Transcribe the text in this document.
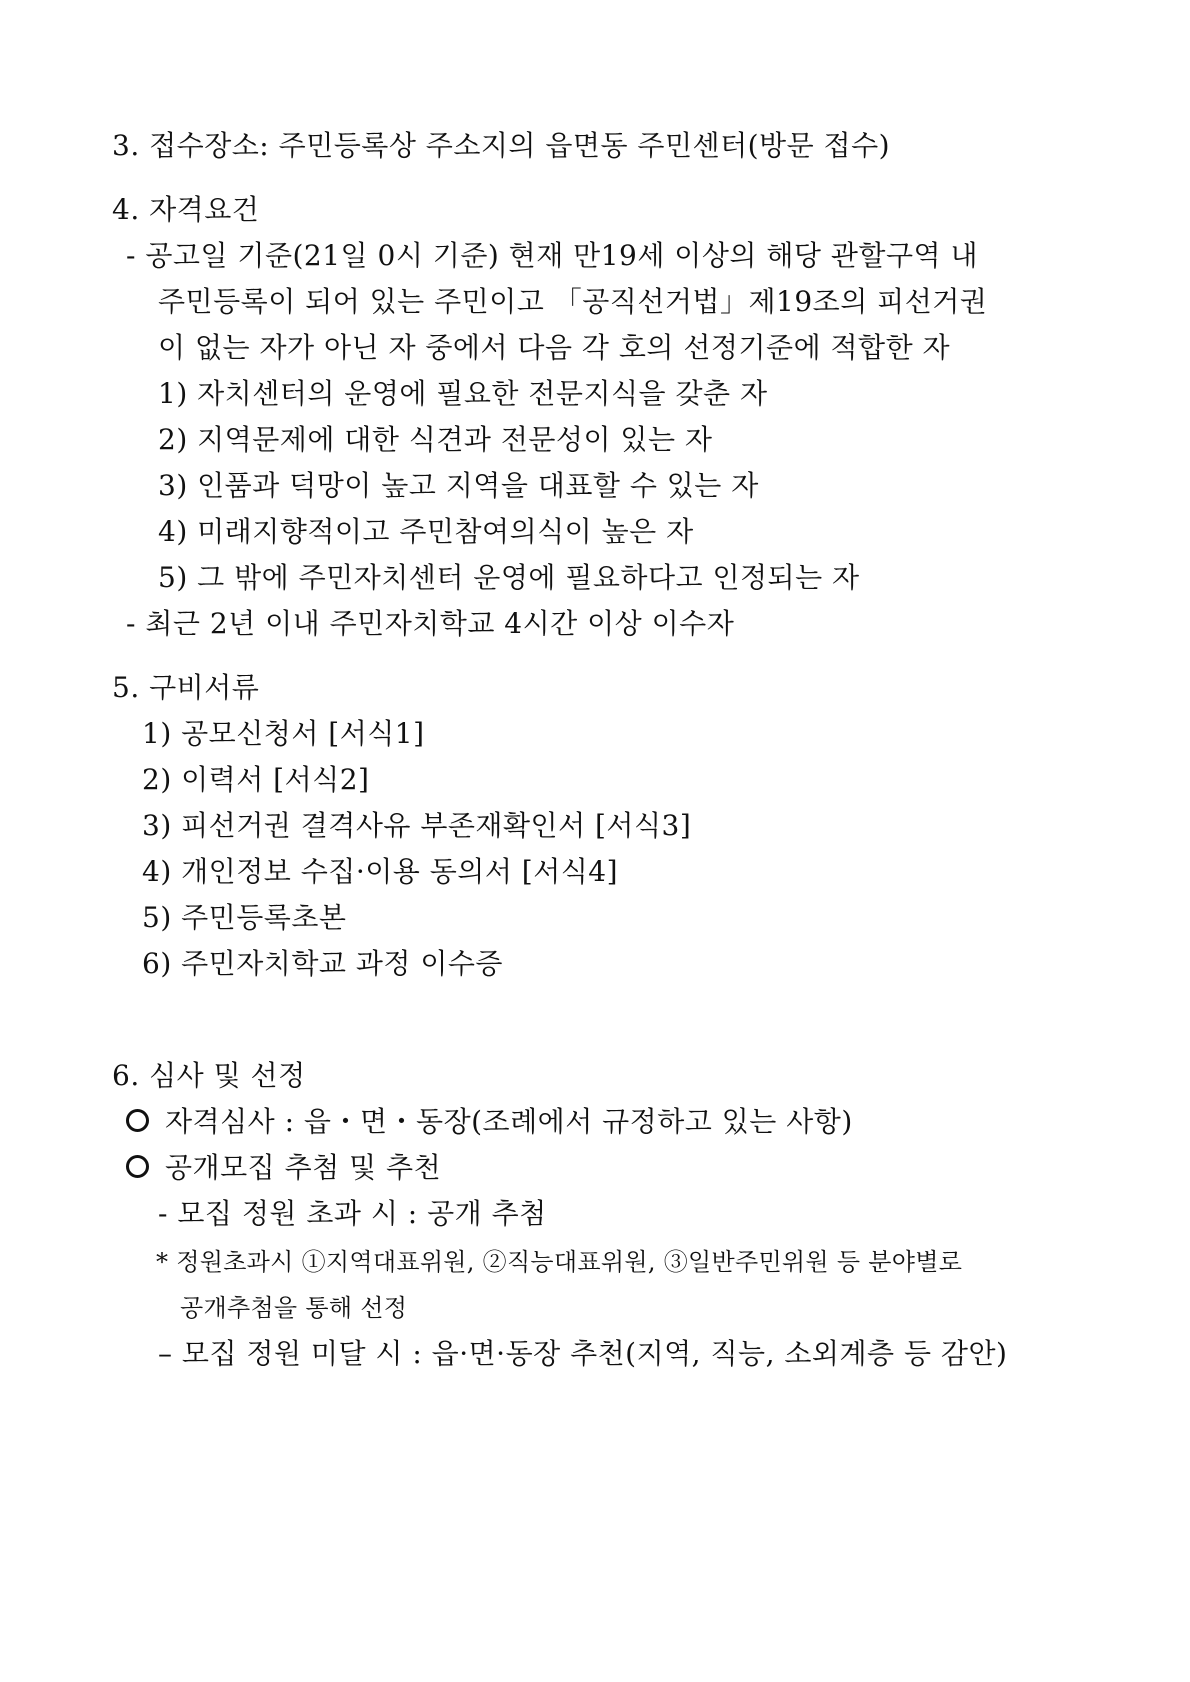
3. 접수장소: 주민등록상 주소지의 읍면동 주민센터(방문 접수)
4. 자격요건
- 공고일 기준(21일 0시 기준) 현재 만19세 이상의 해당 관할구역 내
주민등록이 되어 있는 주민이고 「공직선거법」제19조의 피선거권
이 없는 자가 아닌 자 중에서 다음 각 호의 선정기준에 적합한 자
1) 자치센터의 운영에 필요한 전문지식을 갖춘 자
2) 지역문제에 대한 식견과 전문성이 있는 자
3) 인품과 덕망이 높고 지역을 대표할 수 있는 자
4) 미래지향적이고 주민참여의식이 높은 자
5) 그 밖에 주민자치센터 운영에 필요하다고 인정되는 자
- 최근 2년 이내 주민자치학교 4시간 이상 이수자
5. 구비서류
1) 공모신청서 [서식1]
2) 이력서 [서식2]
3) 피선거권 결격사유 부존재확인서 [서식3]
4) 개인정보 수집·이용 동의서 [서식4]
5) 주민등록초본
6) 주민자치학교 과정 이수증
6. 심사 및 선정
자격심사 : 읍・면・동장(조례에서 규정하고 있는 사항)
공개모집 추첨 및 추천
- 모집 정원 초과 시 : 공개 추첨
* 정원초과시 ①지역대표위원, ②직능대표위원, ③일반주민위원 등 분야별로
공개추첨을 통해 선정
– 모집 정원 미달 시 : 읍·면·동장 추천(지역, 직능, 소외계층 등 감안)
